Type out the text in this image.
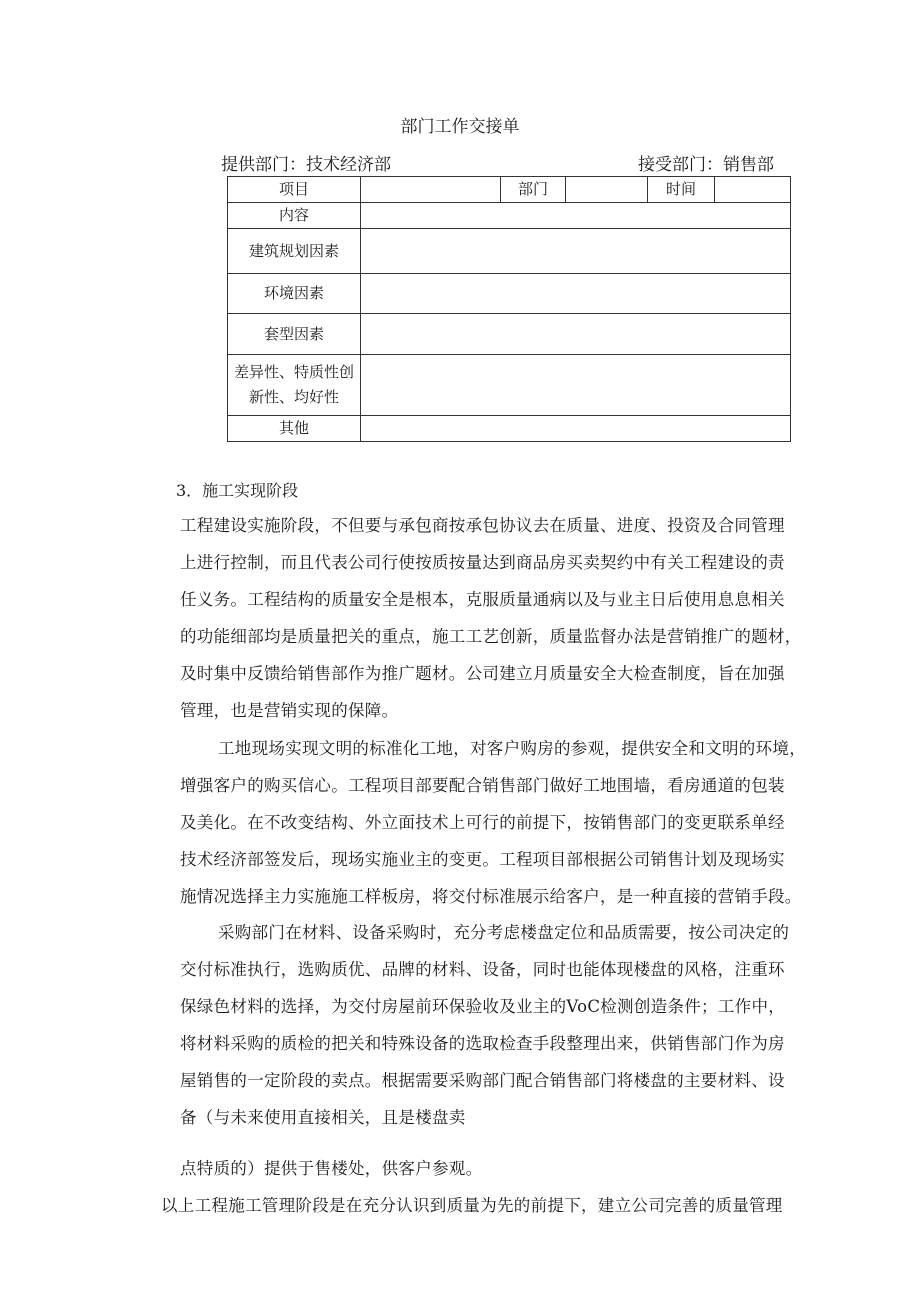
部门工作交接单
提供部门：技术经济部	接受部门：销售部
项目		部门		时间	
内容					
建筑规划因素					
环境因素					
套型因素					

差异性、特质性创
新性、均好性					

其他					
3．施工实现阶段
工程建设实施阶段，不但要与承包商按承包协议去在质量、进度、投资及合同管理
上进行控制，而且代表公司行使按质按量达到商品房买卖契约中有关工程建设的责
任义务。工程结构的质量安全是根本，克服质量通病以及与业主日后使用息息相关
的功能细部均是质量把关的重点，施工工艺创新，质量监督办法是营销推广的题材，
及时集中反馈给销售部作为推广题材。公司建立月质量安全大检查制度，旨在加强
管理，也是营销实现的保障。
工地现场实现文明的标准化工地，对客户购房的参观，提供安全和文明的环境，
增强客户的购买信心。工程项目部要配合销售部门做好工地围墙，看房通道的包装
及美化。在不改变结构、外立面技术上可行的前提下，按销售部门的变更联系单经
技术经济部签发后，现场实施业主的变更。工程项目部根据公司销售计划及现场实
施情况选择主力实施施工样板房，将交付标准展示给客户，是一种直接的营销手段。
采购部门在材料、设备采购时，充分考虑楼盘定位和品质需要，按公司决定的
交付标准执行，选购质优、品牌的材料、设备，同时也能体现楼盘的风格，注重环
保绿色材料的选择，为交付房屋前环保验收及业主的VoC检测创造条件；工作中，
将材料采购的质检的把关和特殊设备的选取检查手段整理出来，供销售部门作为房
屋销售的一定阶段的卖点。根据需要采购部门配合销售部门将楼盘的主要材料、设
备（与未来使用直接相关，且是楼盘卖
点特质的）提供于售楼处，供客户参观。
以上工程施工管理阶段是在充分认识到质量为先的前提下，建立公司完善的质量管理
